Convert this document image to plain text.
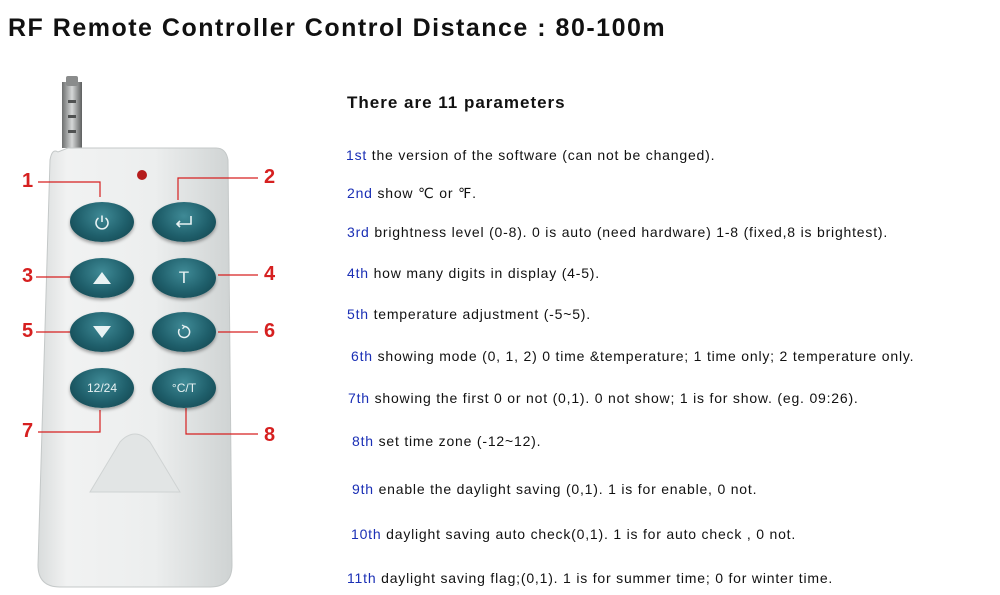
RF Remote Controller Control Distance : 80-100m
1	2
3	4
5	6
7	8
T
12/24	°C/T
There are 11 parameters
1st the version of the software (can not be changed).
2nd show ℃ or ℉.
3rd brightness level (0-8). 0 is auto (need hardware) 1-8 (fixed,8 is brightest).
4th how many digits in display (4-5).
5th temperature adjustment (-5~5).
6th showing mode (0, 1, 2) 0 time &temperature; 1 time only; 2 temperature only.
7th showing the first 0 or not (0,1). 0 not show; 1 is for show. (eg. 09:26).
8th set time zone (-12~12).
9th enable the daylight saving (0,1). 1 is for enable, 0 not.
10th daylight saving auto check(0,1). 1 is for auto check , 0 not.
11th daylight saving flag;(0,1). 1 is for summer time; 0 for winter time.
